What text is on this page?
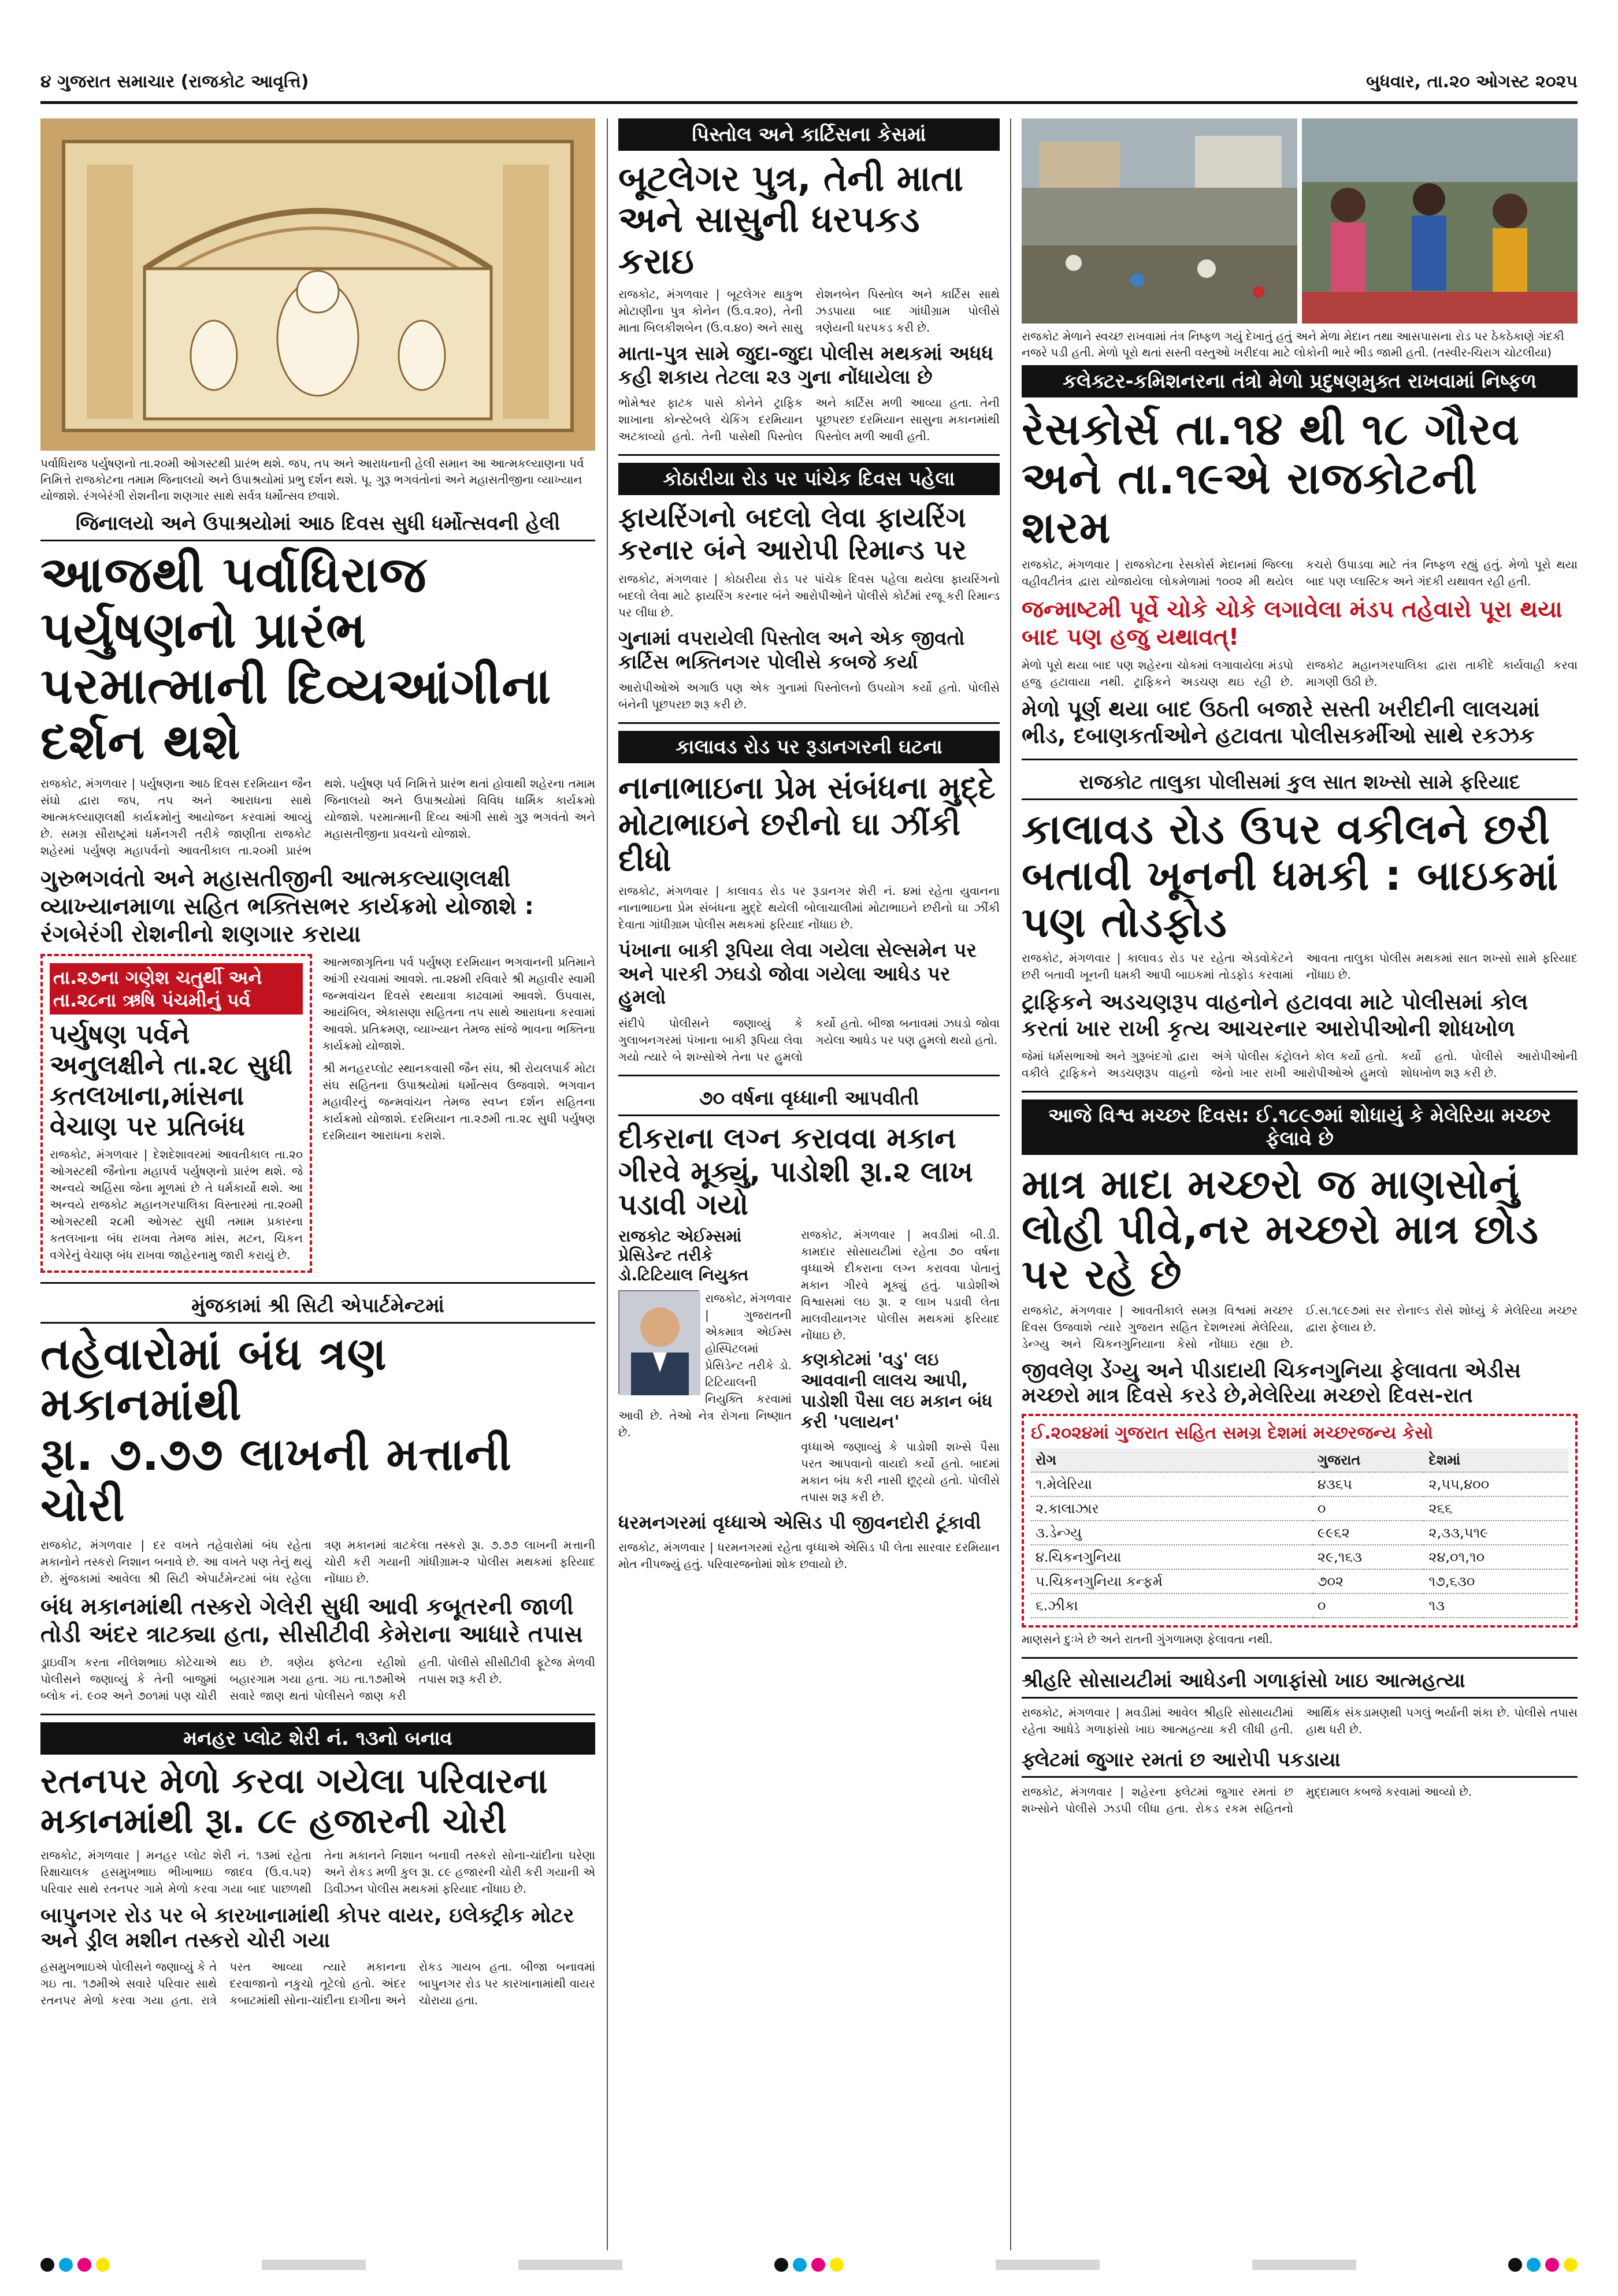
૪ ગુજરાત સમાચાર (રાજકોટ આવૃત્તિ)	બુધવાર, તા.૨૦ ઓગસ્ટ ૨૦૨૫
પર્વાધિરાજ પર્યુષણનો તા.૨૦મી ઓગસ્ટથી પ્રારંભ થશે. જપ, તપ અને આરાધનાની હેલી સમાન આ આત્મકલ્યાણના પર્વ નિમિત્તે રાજકોટના તમામ જિનાલયો અને ઉપાશ્રયોમાં પ્રભુ દર્શન થશે. પૂ. ગુરૂ ભગવંતોનાં અને મહાસતીજીના વ્યાખ્યાન યોજાશે. રંગબેરંગી રોશનીના શણગાર સાથે સર્વત્ર ધર્મોત્સવ છવાશે.
જિનાલયો અને ઉપાશ્રયોમાં આઠ દિવસ સુધી ધર્મોત્સવની હેલી
આજથી પર્વાધિરાજ પર્યુષણનો પ્રારંભ
પરમાત્માની દિવ્યઆંગીના દર્શન થશે
રાજકોટ, મંગળવાર | પર્યુષણના આઠ દિવસ દરમિયાન જૈન સંઘો દ્વારા જપ, તપ અને આરાધના સાથે આત્મકલ્યાણલક્ષી કાર્યક્રમોનું આયોજન કરવામાં આવ્યું છે. સમગ્ર સૌરાષ્ટ્રમાં ધર્મનગરી તરીકે જાણીતા રાજકોટ શહેરમાં પર્યુષણ મહાપર્વનો આવતીકાલ તા.૨૦મી પ્રારંભ થશે. પર્યુષણ પર્વ નિમિત્તે પ્રારંભ થતાં હોવાથી શહેરના તમામ જિનાલયો અને ઉપાશ્રયોમાં વિવિધ ધાર્મિક કાર્યક્રમો યોજાશે. પરમાત્માની દિવ્ય આંગી સાથે ગુરૂ ભગવંતો અને મહાસતીજીના પ્રવચનો યોજાશે.
ગુરુભગવંતો અને મહાસતીજીની આત્મકલ્યાણલક્ષી વ્યાખ્યાનમાળા સહિત ભક્તિસભર કાર્યક્રમો યોજાશે : રંગબેરંગી રોશનીનો શણગાર કરાયા
તા.૨૭ના ગણેશ ચતુર્થી અને તા.૨૮ના ઋષિ પંચમીનું પર્વ
પર્યુષણ પર્વને અનુલક્ષીને તા.૨૮ સુધી
કતલખાના,માંસના વેચાણ પર પ્રતિબંધ
રાજકોટ, મંગળવાર | દેશદેશાવરમાં આવતીકાલ તા.૨૦ ઓગસ્ટથી જૈનોના મહાપર્વ પર્યુષણનો પ્રારંભ થશે. જે અન્વયે અહિંસા જેના મૂળમાં છે તે ધર્મકાર્યો થશે. આ અન્વયે રાજકોટ મહાનગરપાલિકા વિસ્તારમાં તા.૨૦મી ઓગસ્ટથી ૨૮મી ઓગસ્ટ સુધી તમામ પ્રકારના કતલખાના બંધ રાખવા તેમજ માંસ, મટન, ચિકન વગેરેનું વેચાણ બંધ રાખવા જાહેરનામુ જારી કરાયું છે.
આત્મજાગૃતિના પર્વ પર્યુષણ દરમિયાન ભગવાનની પ્રતિમાને આંગી રચવામાં આવશે. તા.૨૪મી રવિવારે શ્રી મહાવીર સ્વામી જન્મવાંચન દિવસે રથયાત્રા કાઢવામાં આવશે. ઉપવાસ, આયંબિલ, એકાસણા સહિતના તપ સાથે આરાધના કરવામાં આવશે. પ્રતિક્રમણ, વ્યાખ્યાન તેમજ સાંજે ભાવના ભક્તિના કાર્યક્રમો યોજાશે.
શ્રી મનહરપ્લોટ સ્થાનકવાસી જૈન સંઘ, શ્રી રોયલપાર્ક મોટા સંઘ સહિતના ઉપાશ્રયોમાં ધર્મોત્સવ ઉજવાશે. ભગવાન મહાવીરનું જન્મવાંચન તેમજ સ્વપ્ન દર્શન સહિતના કાર્યક્રમો યોજાશે. દરમિયાન તા.૨૭મી તા.૨૮ સુધી પર્યુષણ દરમિયાન આરાધના કરાશે.
મુંજકામાં શ્રી સિટી એપાર્ટમેન્ટમાં
તહેવારોમાં બંધ ત્રણ મકાનમાંથી
રૂા. ૭.૭૭ લાખની મત્તાની ચોરી
રાજકોટ, મંગળવાર | દર વખતે તહેવારોમાં બંધ રહેતા મકાનોને તસ્કરો નિશાન બનાવે છે. આ વખતે પણ તેનું થયું છે. મુંજકામાં આવેલા શ્રી સિટી એપાર્ટમેન્ટમાં બંધ રહેલા ત્રણ મકાનમાં ત્રાટકેલા તસ્કરો રૂા. ૭.૭૭ લાખની મત્તાની ચોરી કરી ગયાની ગાંધીગ્રામ-૨ પોલીસ મથકમાં ફરિયાદ નોંધાઇ છે.
બંધ મકાનમાંથી તસ્કરો ગેલેરી સુધી આવી કબૂતરની જાળી તોડી અંદર ત્રાટક્યા હતા, સીસીટીવી કેમેરાના આધારે તપાસ
ડ્રાઇવીંગ કરતા નીલેશભાઇ કોટેચાએ પોલીસને જણાવ્યું કે તેની બાજુમાં બ્લોક નં. ૯૦૨ અને ૭૦૧માં પણ ચોરી થઇ છે. ત્રણેય ફ્લેટના રહીશો બહારગામ ગયા હતા. ગઇ તા.૧૭મીએ સવારે જાણ થતાં પોલીસને જાણ કરી હતી. પોલીસે સીસીટીવી ફૂટેજ મેળવી તપાસ શરૂ કરી છે.
મનહર પ્લોટ શેરી નં. ૧૩નો બનાવ
રતનપર મેળો કરવા ગયેલા પરિવારના
મકાનમાંથી રૂા. ૮૯ હજારની ચોરી
રાજકોટ, મંગળવાર | મનહર પ્લોટ શેરી નં. ૧૩માં રહેતા રિક્ષાચાલક હસમુખભાઇ ભીખાભાઇ જાદવ (ઉ.વ.૫૨) પરિવાર સાથે રતનપર ગામે મેળો કરવા ગયા બાદ પાછળથી તેના મકાનને નિશાન બનાવી તસ્કરો સોના-ચાંદીના ઘરેણા અને રોકડ મળી કુલ રૂા. ૮૯ હજારની ચોરી કરી ગયાની એ ડિવીઝન પોલીસ મથકમાં ફરિયાદ નોંધાઇ છે.
બાપુનગર રોડ પર બે કારખાનામાંથી કોપર વાયર, ઇલેક્ટ્રીક મોટર અને ડ્રીલ મશીન તસ્કરો ચોરી ગયા
હસમુખભાઇએ પોલીસને જણાવ્યું કે તે ગઇ તા. ૧૭મીએ સવારે પરિવાર સાથે રતનપર મેળો કરવા ગયા હતા. રાત્રે પરત આવ્યા ત્યારે મકાનના દરવાજાનો નકુચો તૂટેલો હતો. અંદર કબાટમાંથી સોના-ચાંદીના દાગીના અને રોકડ ગાયબ હતા. બીજા બનાવમાં બાપુનગર રોડ પર કારખાનામાંથી વાયર ચોરાયા હતા.
પિસ્તોલ અને કાર્ટિસના કેસમાં
બૂટલેગર પુત્ર, તેની માતા અને સાસુની ધરપકડ કરાઇ
રાજકોટ, મંગળવાર | બૂટલેગર થાકુભ મોટાણીના પુત્ર કોનેન (ઉ.વ.૨૦), તેની માતા બિલકીશબેન (ઉ.વ.૪૦) અને સાસુ રોશનબેન પિસ્તોલ અને કાર્ટિસ સાથે ઝડપાયા બાદ ગાંધીગ્રામ પોલીસે ત્રણેયની ધરપકડ કરી છે.
માતા-પુત્ર સામે જુદા-જુદા પોલીસ મથકમાં અધધ કહી શકાય તેટલા ૨૩ ગુના નોંધાયેલા છે
ભોમેશ્વર ફાટક પાસે કોનેને ટ્રાફિક શાખાના કોન્સ્ટેબલે ચેકિંગ દરમિયાન અટકાવ્યો હતો. તેની પાસેથી પિસ્તોલ અને કાર્ટિસ મળી આવ્યા હતા. તેની પૂછપરછ દરમિયાન સાસુના મકાનમાંથી પિસ્તોલ મળી આવી હતી.
કોઠારીયા રોડ પર પાંચેક દિવસ પહેલા
ફાયરિંગનો બદલો લેવા ફાયરિંગ કરનાર બંને આરોપી રિમાન્ડ પર
રાજકોટ, મંગળવાર | કોઠારીયા રોડ પર પાંચેક દિવસ પહેલા થયેલા ફાયરિંગનો બદલો લેવા માટે ફાયરિંગ કરનાર બંને આરોપીઓને પોલીસે કોર્ટમાં રજૂ કરી રિમાન્ડ પર લીધા છે.
ગુનામાં વપરાયેલી પિસ્તોલ અને એક જીવતો કાર્ટિસ ભક્તિનગર પોલીસે કબજે કર્યા
આરોપીઓએ અગાઉ પણ એક ગુનામાં પિસ્તોલનો ઉપયોગ કર્યો હતો. પોલીસે બંનેની પૂછપરછ શરૂ કરી છે.
કાલાવડ રોડ પર રૂડાનગરની ઘટના
નાનાભાઇના પ્રેમ સંબંધના મુદ્દે મોટાભાઇને છરીનો ઘા ઝીંકી દીધો
રાજકોટ, મંગળવાર | કાલાવડ રોડ પર રૂડાનગર શેરી નં. ૪માં રહેતા યુવાનના નાનાભાઇના પ્રેમ સંબંધના મુદ્દે થયેલી બોલાચાલીમાં મોટાભાઇને છરીનો ઘા ઝીંકી દેવાતા ગાંધીગ્રામ પોલીસ મથકમાં ફરિયાદ નોંધાઇ છે.
પંખાના બાકી રૂપિયા લેવા ગયેલા સેલ્સમેન પર અને પારકી ઝઘડો જોવા ગયેલા આધેડ પર હુમલો
સંદીપે પોલીસને જણાવ્યું કે ગુલાબનગરમાં પંખાના બાકી રૂપિયા લેવા ગયો ત્યારે બે શખ્સોએ તેના પર હુમલો કર્યો હતો. બીજા બનાવમાં ઝઘડો જોવા ગયેલા આધેડ પર પણ હુમલો થયો હતો.
૭૦ વર્ષના વૃધ્ધાની આપવીતી
દીકરાના લગ્ન કરાવવા મકાન ગીરવે મૂક્યું, પાડોશી રૂા.૨ લાખ પડાવી ગયો
રાજકોટ એઈમ્સમાં પ્રેસિડેન્ટ તરીકે ડો.ટિટિયાલ નિયુક્ત
રાજકોટ, મંગળવાર | ગુજરાતની એકમાત્ર એઈમ્સ હોસ્પિટલમાં પ્રેસિડેન્ટ તરીકે ડો. ટિટિયાલની નિયુક્તિ કરવામાં આવી છે. તેઓ નેત્ર રોગના નિષ્ણાત છે.
રાજકોટ, મંગળવાર | મવડીમાં બી.ડી. કામદાર સોસાયટીમાં રહેતા ૭૦ વર્ષના વૃધ્ધાએ દીકરાના લગ્ન કરાવવા પોતાનું મકાન ગીરવે મૂક્યું હતું. પાડોશીએ વિશ્વાસમાં લઇ રૂા. ૨ લાખ પડાવી લેતા માલવીયાનગર પોલીસ મથકમાં ફરિયાદ નોંધાઇ છે.
કણકોટમાં 'વડુ' લઇ આવવાની લાલચ આપી, પાડોશી પૈસા લઇ મકાન બંધ કરી 'પલાયન'
વૃધ્ધાએ જણાવ્યું કે પાડોશી શખ્સે પૈસા પરત આપવાનો વાયદો કર્યો હતો. બાદમાં મકાન બંધ કરી નાસી છૂટ્યો હતો. પોલીસે તપાસ શરૂ કરી છે.
ધરમનગરમાં વૃધ્ધાએ એસિડ પી જીવનદોરી ટૂંકાવી
રાજકોટ, મંગળવાર | ધરમનગરમાં રહેતા વૃધ્ધાએ એસિડ પી લેતા સારવાર દરમિયાન મોત નીપજ્યું હતું. પરિવારજનોમાં શોક છવાયો છે.
રાજકોટ મેળાને સ્વચ્છ રાખવામાં તંત્ર નિષ્ફળ ગયું દેખાતું હતું અને મેળા મેદાન તથા આસપાસના રોડ પર ઠેકઠેકાણે ગંદકી નજરે પડી હતી. મેળો પૂરો થતાં સસ્તી વસ્તુઓ ખરીદવા માટે લોકોની ભારે ભીડ જામી હતી. (તસ્વીર-ચિરાગ ચોટલીયા)
કલેક્ટર-કમિશનરના તંત્રો મેળો પ્રદુષણમુક્ત રાખવામાં નિષ્ફળ
રેસકોર્સ તા.૧૪ થી ૧૮ ગૌરવ અને તા.૧૯એ રાજકોટની શરમ
રાજકોટ, મંગળવાર | રાજકોટના રેસકોર્સ મેદાનમાં જિલ્લા વહીવટીતંત્ર દ્વારા યોજાયેલા લોકમેળામાં ૧૦૦૨ મી થયેલ કચરો ઉપાડવા માટે તંત્ર નિષ્ફળ રહ્યું હતું. મેળો પૂરો થયા બાદ પણ પ્લાસ્ટિક અને ગંદકી યથાવત રહી હતી.
જન્માષ્ટમી પૂર્વે ચોકે ચોકે લગાવેલા મંડપ તહેવારો પૂરા થયા બાદ પણ હજુ યથાવત્!
મેળો પૂરો થયા બાદ પણ શહેરના ચોકમાં લગાવાયેલા મંડપો હજુ હટાવાયા નથી. ટ્રાફિકને અડચણ થઇ રહી છે. રાજકોટ મહાનગરપાલિકા દ્વારા તાકીદે કાર્યવાહી કરવા માગણી ઉઠી છે.
મેળો પૂર્ણ થયા બાદ ઉઠતી બજારે સસ્તી ખરીદીની લાલચમાં ભીડ, દબાણકર્તાઓને હટાવતા પોલીસકર્મીઓ સાથે રકઝક
રાજકોટ તાલુકા પોલીસમાં કુલ સાત શખ્સો સામે ફરિયાદ
કાલાવડ રોડ ઉપર વકીલને છરી બતાવી ખૂનની ધમકી : બાઇકમાં પણ તોડફોડ
રાજકોટ, મંગળવાર | કાલાવડ રોડ પર રહેતા એડવોકેટને છરી બતાવી ખૂનની ધમકી આપી બાઇકમાં તોડફોડ કરવામાં આવતા તાલુકા પોલીસ મથકમાં સાત શખ્સો સામે ફરિયાદ નોંધાઇ છે.
ટ્રાફિકને અડચણરૂપ વાહનોને હટાવવા માટે પોલીસમાં કોલ કરતાં ખાર રાખી કૃત્ય આચરનાર આરોપીઓની શોધખોળ
જેમાં ધર્મસભાઓ અને ગુરૂબંદગો દ્વારા વકીલે ટ્રાફિકને અડચણરૂપ વાહનો અંગે પોલીસ કંટ્રોલને કોલ કર્યો હતો. જેનો ખાર રાખી આરોપીઓએ હુમલો કર્યો હતો. પોલીસે આરોપીઓની શોધખોળ શરૂ કરી છે.
આજે વિશ્વ મચ્છર દિવસ: ઈ.૧૮૯૭માં શોધાયું કે મેલેરિયા મચ્છર ફેલાવે છે
માત્ર માદા મચ્છરો જ માણસોનું લોહી પીવે,નર મચ્છરો માત્ર છોડ પર રહે છે
રાજકોટ, મંગળવાર | આવતીકાલે સમગ્ર વિશ્વમાં મચ્છર દિવસ ઉજવાશે ત્યારે ગુજરાત સહિત દેશભરમાં મેલેરિયા, ડેન્ગ્યુ અને ચિકનગુનિયાના કેસો નોંધાઇ રહ્યા છે. ઈ.સ.૧૮૯૭માં સર રોનાલ્ડ રોસે શોધ્યું કે મેલેરિયા મચ્છર દ્વારા ફેલાય છે.
જીવલેણ ડેંગ્યુ અને પીડાદાયી ચિકનગુનિયા ફેલાવતા એડીસ મચ્છરો માત્ર દિવસે કરડે છે,મેલેરિયા મચ્છરો દિવસ-રાત
ઈ.૨૦૨૪માં ગુજરાત સહિત સમગ્ર દેશમાં મચ્છરજન્ય કેસો
રોગ	ગુજરાત	દેશમાં
૧.મેલેરિયા	૪૩૬૫	૨,૫૫,૪૦૦
૨.કાલાઝાર	૦	૨૬૬
૩.ડેન્ગ્યુ	૯૯૬૨	૨,૩૩,૫૧૯
૪.ચિકનગુનિયા	૨૯,૧૬૩	૨૪,૦૧,૧૦
૫.ચિકનગુનિયા કન્ફર્મ	૭૦૨	૧૭,૬૩૦
૬.ઝીકા	૦	૧૩
માણસને દુઃખે છે અને રાતની ગુંગળામણ ફેલાવતા નથી.
શ્રીહરિ સોસાયટીમાં આધેડની ગળાફાંસો ખાઇ આત્મહત્યા
રાજકોટ, મંગળવાર | મવડીમાં આવેલ શ્રીહરિ સોસાયટીમાં રહેતા આધેડે ગળાફાંસો ખાઇ આત્મહત્યા કરી લીધી હતી. આર્થિક સંકડામણથી પગલું ભર્યાની શંકા છે. પોલીસે તપાસ હાથ ધરી છે.
ફ્લેટમાં જુગાર રમતાં છ આરોપી પકડાયા
રાજકોટ, મંગળવાર | શહેરના ફ્લેટમાં જુગાર રમતાં છ શખ્સોને પોલીસે ઝડપી લીધા હતા. રોકડ રકમ સહિતનો મુદ્દામાલ કબજે કરવામાં આવ્યો છે.
